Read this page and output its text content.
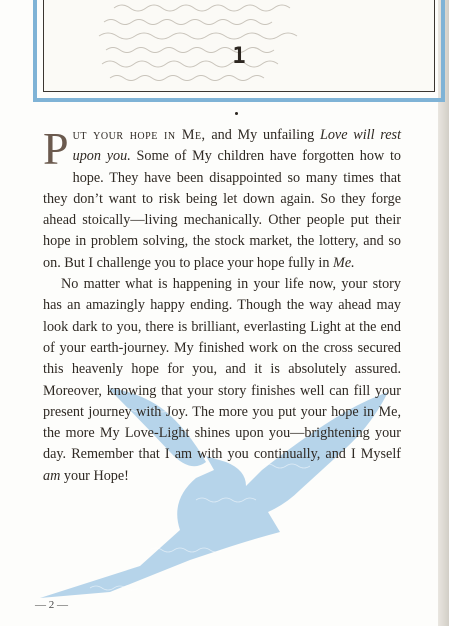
1

Put your hope in Me, and My unfailing Love will rest upon you. Some of My children have forgotten how to hope. They have been disappointed so many times that they don’t want to risk being let down again. So they forge ahead stoically—living mechanically. Other people put their hope in problem solving, the stock market, the lottery, and so on. But I challenge you to place your hope fully in Me.

No matter what is happening in your life now, your story has an amazingly happy ending. Though the way ahead may look dark to you, there is brilliant, everlasting Light at the end of your earth-journey. My finished work on the cross secured this heavenly hope for you, and it is absolutely assured. Moreover, knowing that your story finishes well can fill your present journey with Joy. The more you put your hope in Me, the more My Love-Light shines upon you—brightening your day. Remember that I am with you continually, and I Myself am your Hope!

— 2 —
